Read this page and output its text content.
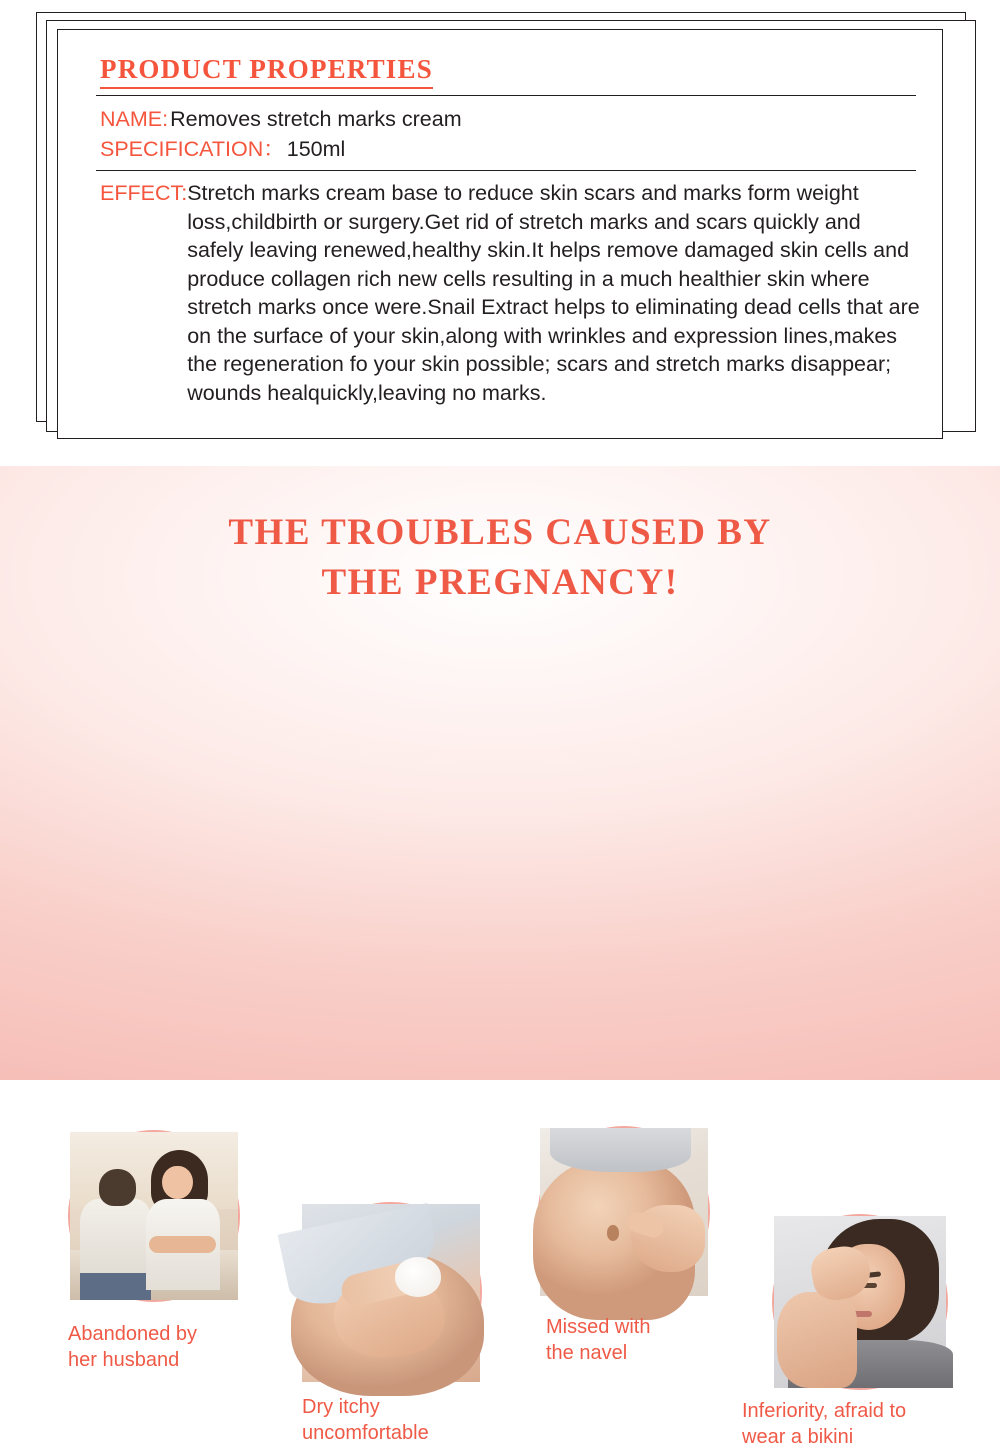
PRODUCT PROPERTIES
NAME: Removes stretch marks cream
SPECIFICATION： 150ml
EFFECT: Stretch marks cream base to reduce skin scars and marks form weight loss,childbirth or surgery.Get rid of stretch marks and scars quickly and safely leaving renewed,healthy skin.It helps remove damaged skin cells and produce collagen rich new cells resulting in a much healthier skin where stretch marks once were.Snail Extract helps to eliminating dead cells that are on the surface of your skin,along with wrinkles and expression lines,makes the regeneration fo your skin possible; scars and stretch marks disappear; wounds healquickly,leaving no marks.
THE TROUBLES CAUSED BY
THE PREGNANCY!
Abandoned by
her husband
Dry itchy
uncomfortable
Missed with
the navel
Inferiority, afraid to
wear a bikini
